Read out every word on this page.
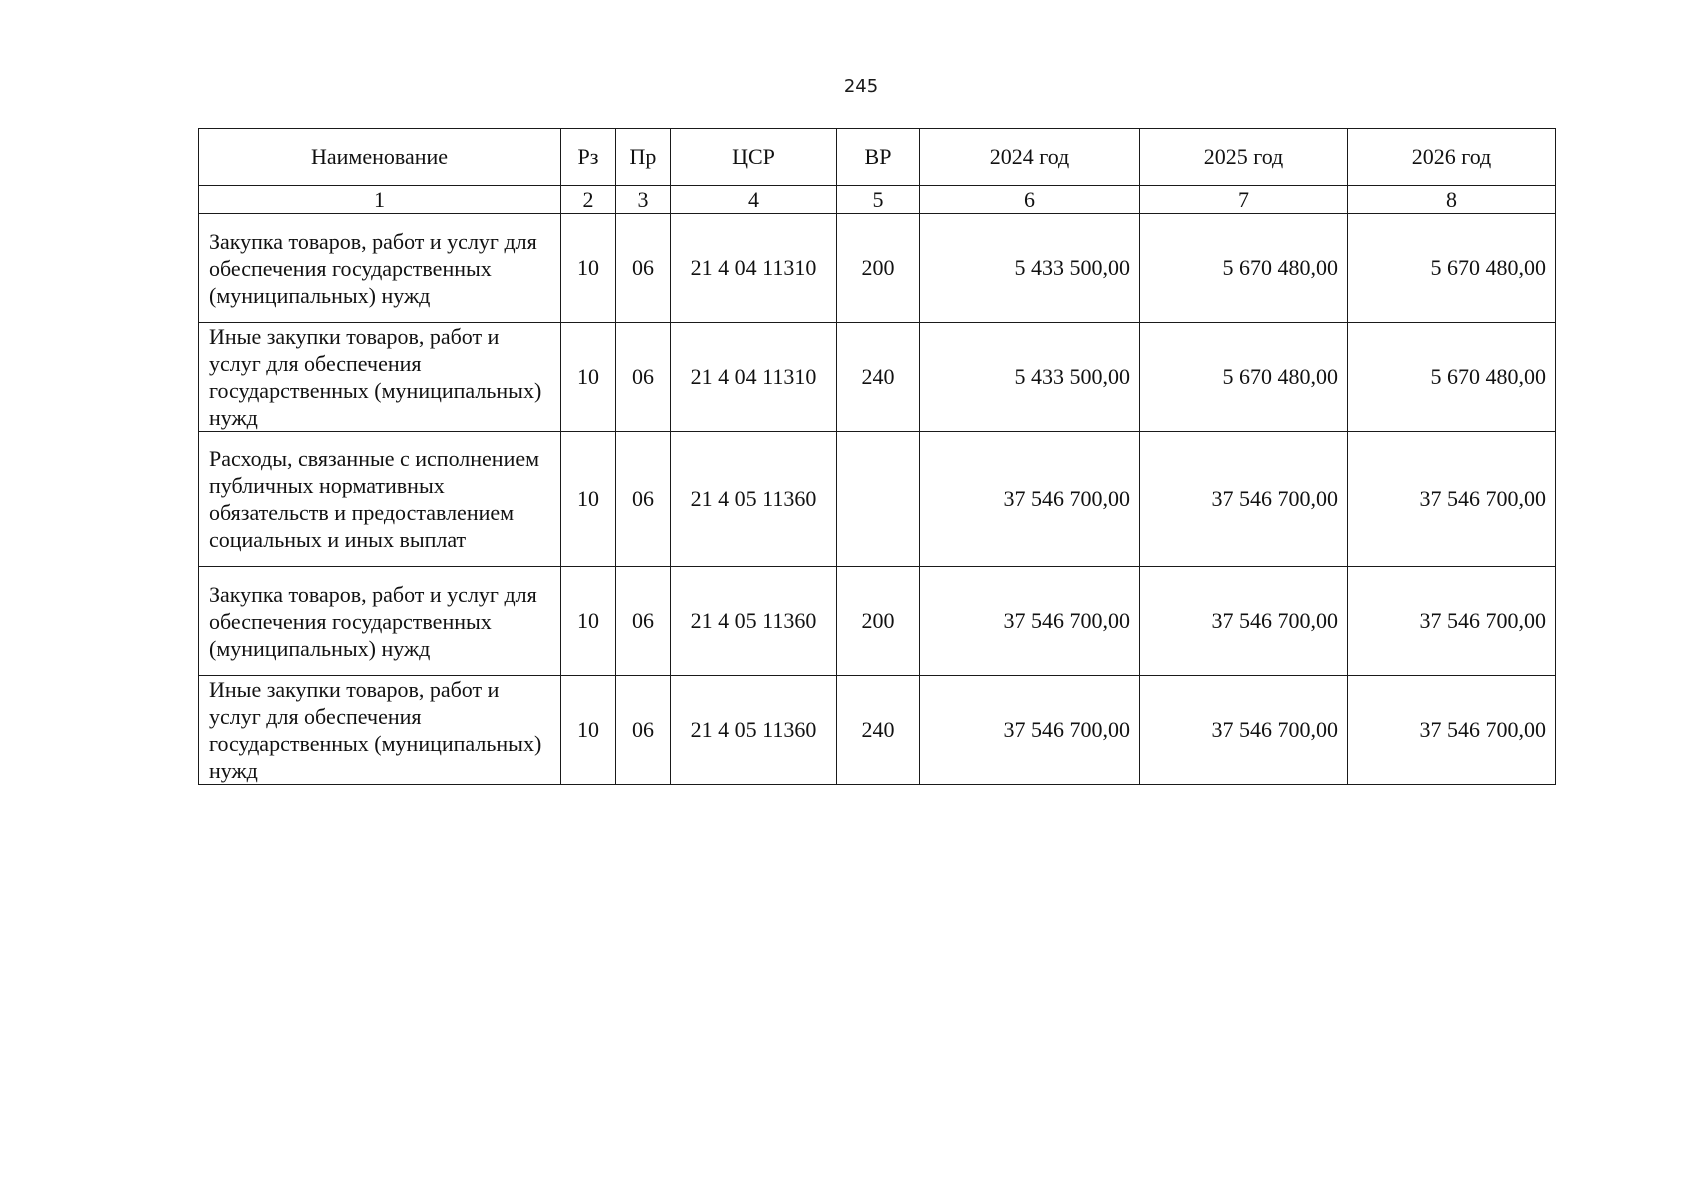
245
Наименование	Рз	Пр	ЦСР	ВР	2024 год	2025 год	2026 год
1	2	3	4	5	6	7	8
Закупка товаров, работ и услуг для обеспечения государственных (муниципальных) нужд	10	06	21 4 04 11310	200	5 433 500,00	5 670 480,00	5 670 480,00
Иные закупки товаров, работ и услуг для обеспечения государственных (муниципальных) нужд	10	06	21 4 04 11310	240	5 433 500,00	5 670 480,00	5 670 480,00
Расходы, связанные с исполнением публичных нормативных обязательств и предоставлением социальных и иных выплат	10	06	21 4 05 11360		37 546 700,00	37 546 700,00	37 546 700,00
Закупка товаров, работ и услуг для обеспечения государственных (муниципальных) нужд	10	06	21 4 05 11360	200	37 546 700,00	37 546 700,00	37 546 700,00
Иные закупки товаров, работ и услуг для обеспечения государственных (муниципальных) нужд	10	06	21 4 05 11360	240	37 546 700,00	37 546 700,00	37 546 700,00
